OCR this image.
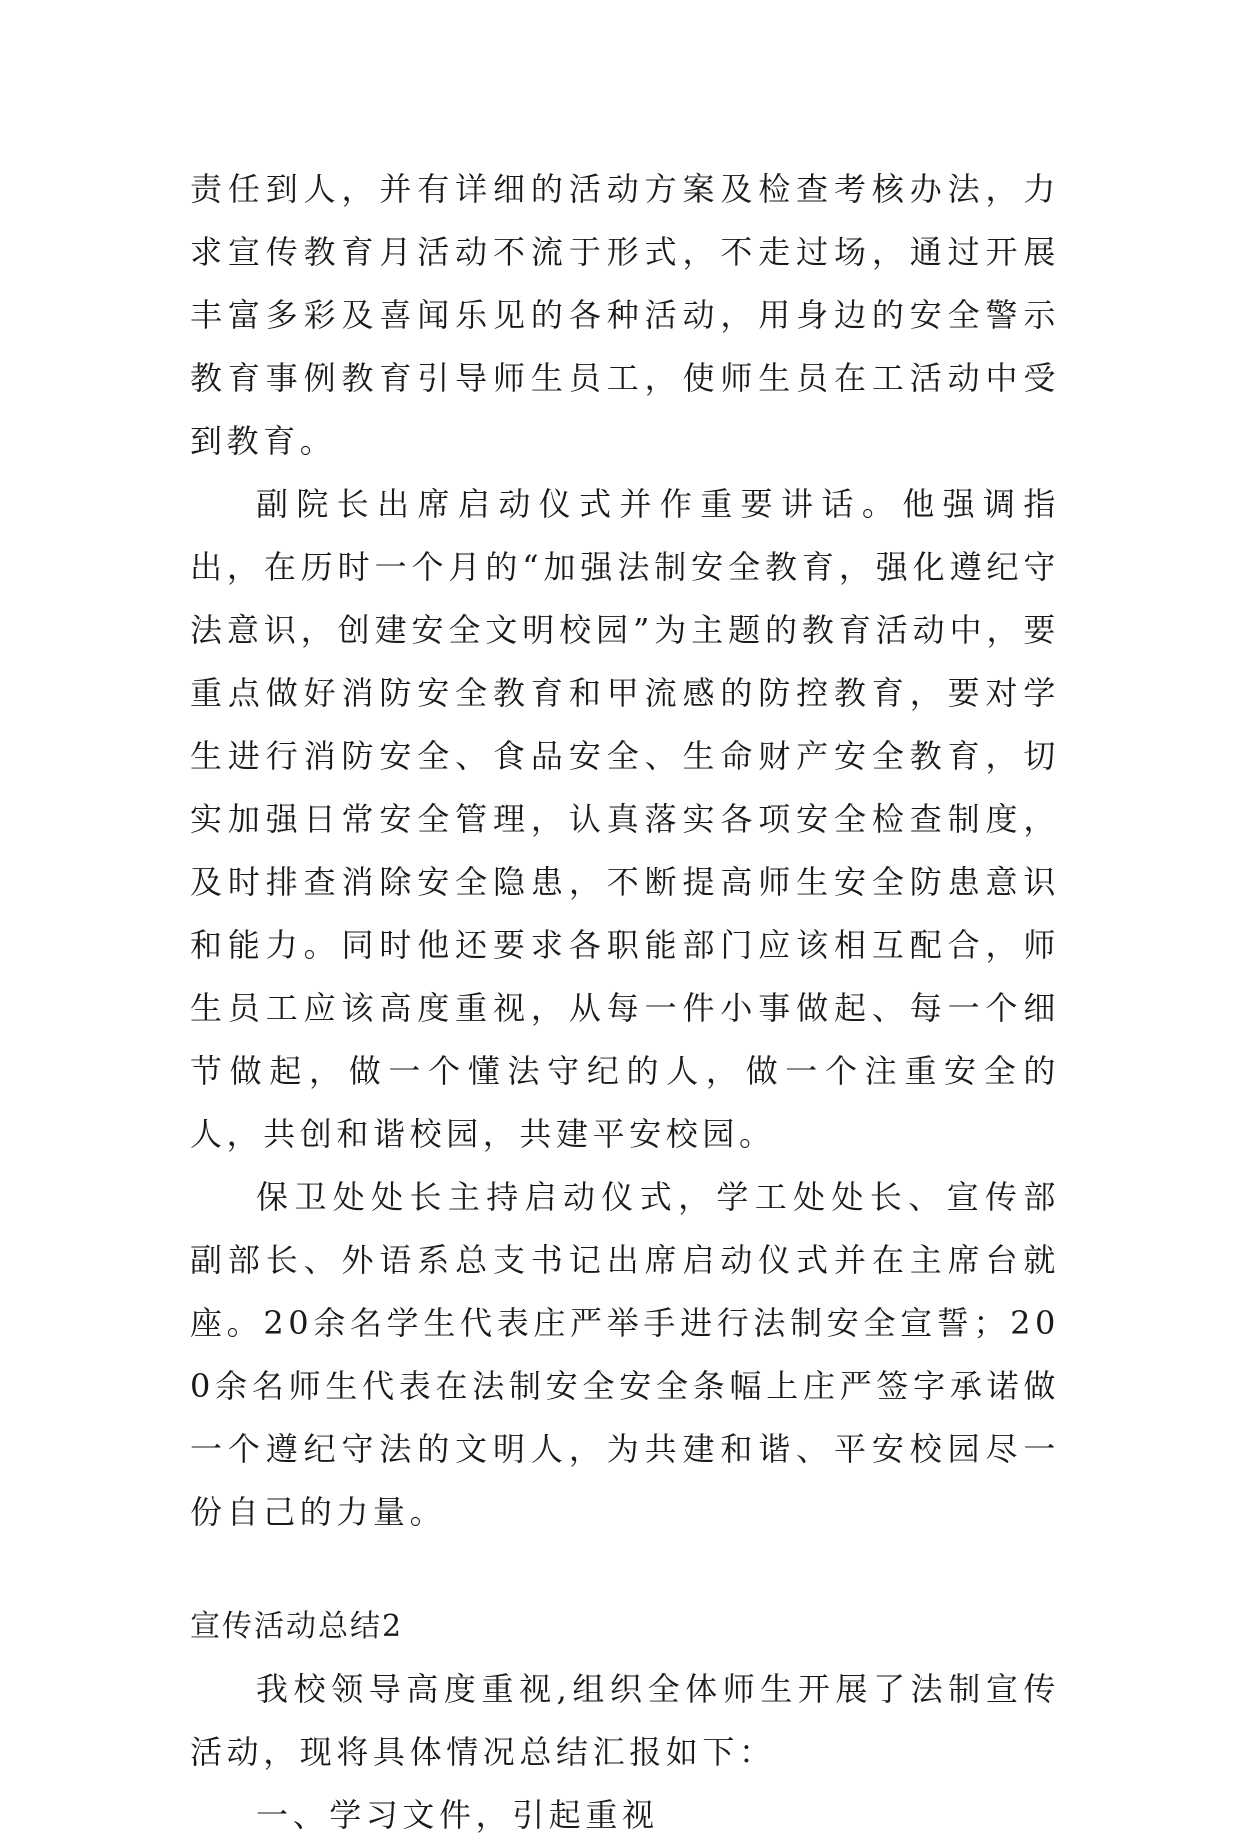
责任到人，并有详细的活动方案及检查考核办法，力求宣传教育月活动不流于形式，不走过场，通过开展丰富多彩及喜闻乐见的各种活动，用身边的安全警示教育事例教育引导师生员工，使师生员在工活动中受到教育。

副院长出席启动仪式并作重要讲话。他强调指出，在历时一个月的“加强法制安全教育，强化遵纪守法意识，创建安全文明校园”为主题的教育活动中，要重点做好消防安全教育和甲流感的防控教育，要对学生进行消防安全、食品安全、生命财产安全教育，切实加强日常安全管理，认真落实各项安全检查制度，及时排查消除安全隐患，不断提高师生安全防患意识和能力。同时他还要求各职能部门应该相互配合，师生员工应该高度重视，从每一件小事做起、每一个细节做起，做一个懂法守纪的人，做一个注重安全的人，共创和谐校园，共建平安校园。

保卫处处长主持启动仪式，学工处处长、宣传部副部长、外语系总支书记出席启动仪式并在主席台就座。20余名学生代表庄严举手进行法制安全宣誓；200余名师生代表在法制安全安全条幅上庄严签字承诺做一个遵纪守法的文明人，为共建和谐、平安校园尽一份自己的力量。

宣传活动总结2

我校领导高度重视,组织全体师生开展了法制宣传活动，现将具体情况总结汇报如下：

一、学习文件，引起重视
